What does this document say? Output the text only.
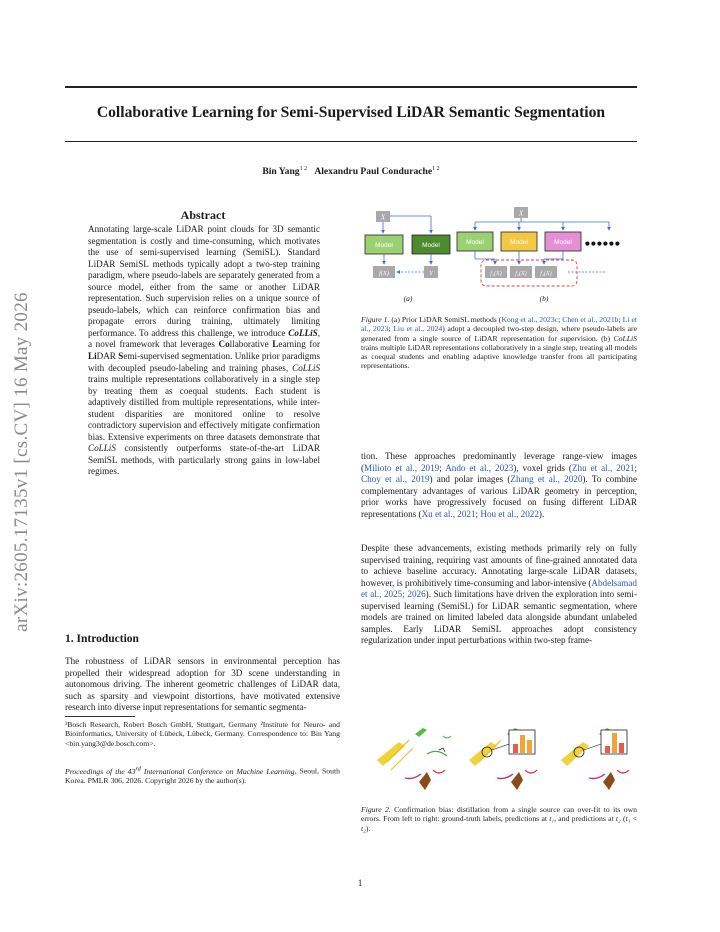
arXiv:2605.17135v1 [cs.CV] 16 May 2026
Collaborative Learning for Semi-Supervised LiDAR Semantic Segmentation
Bin Yang$^{1 2}$ Alexandru Paul Condurache$^{1 2}$
Abstract
Annotating large-scale LiDAR point clouds for 3D semantic segmentation is costly and time-consuming, which motivates the use of semi-supervised learning (SemiSL). Standard LiDAR SemiSL methods typically adopt a two-step training paradigm, where pseudo-labels are separately generated from a source model, either from the same or another LiDAR representation. Such supervision relies on a unique source of pseudo-labels, which can reinforce confirmation bias and propagate errors during training, ultimately limiting performance. To address this challenge, we introduce CoLLiS, a novel framework that leverages Collaborative Learning for LiDAR Semi-supervised segmentation. Unlike prior paradigms with decoupled pseudo-labeling and training phases, CoLLiS trains multiple representations collaboratively in a single step by treating them as coequal students. Each student is adaptively distilled from multiple representations, while inter-student disparities are monitored online to resolve contradictory supervision and effectively mitigate confirmation bias. Extensive experiments on three datasets demonstrate that CoLLiS consistently outperforms state-of-the-art LiDAR SemiSL methods, with particularly strong gains in low-label regimes.
1. Introduction
The robustness of LiDAR sensors in environmental perception has propelled their widespread adoption for 3D scene understanding in autonomous driving. The inherent geometric challenges of LiDAR data, such as sparsity and viewpoint distortions, have motivated extensive research into diverse input representations for semantic segmenta-
¹Bosch Research, Robert Bosch GmbH, Stuttgart, Germany ²Institute for Neuro- and Bioinformatics, University of Lübeck, Lübeck, Germany. Correspondence to: Bin Yang <bin.yang3@de.bosch.com>.
Proceedings of the 43rd International Conference on Machine Learning, Seoul, South Korea. PMLR 306, 2026. Copyright 2026 by the author(s).
X
Model	Model
f(X)	Y
(a)
X
Model	Model	Model ●●●●●●
f₁(X) f₂(X) f₃(X)
(b)
Figure 1. (a) Prior LiDAR SemiSL methods (Kong et al., 2023c; Chen et al., 2021b; Li et al., 2023; Liu et al., 2024) adopt a decoupled two-step design, where pseudo-labels are generated from a single source of LiDAR representation for supervision. (b) CoLLiS trains multiple LiDAR representations collaboratively in a single step, treating all models as coequal students and enabling adaptive knowledge transfer from all participating representations.
tion. These approaches predominantly leverage range-view images (Milioto et al., 2019; Ando et al., 2023), voxel grids (Zhu et al., 2021; Choy et al., 2019) and polar images (Zhang et al., 2020). To combine complementary advantages of various LiDAR geometry in perception, prior works have progressively focused on fusing different LiDAR representations (Xu et al., 2021; Hou et al., 2022).
Despite these advancements, existing methods primarily rely on fully supervised training, requiring vast amounts of fine-grained annotated data to achieve baseline accuracy. Annotating large-scale LiDAR datasets, however, is prohibitively time-consuming and labor-intensive (Abdelsamad et al., 2025; 2026). Such limitations have driven the exploration into semi-supervised learning (SemiSL) for LiDAR semantic segmentation, where models are trained on limited labeled data alongside abundant unlabeled samples. Early LiDAR SemiSL approaches adopt consistency regularization under input perturbations within two-step frame-
Figure 2. Confirmation bias: distillation from a single source can over-fit to its own errors. From left to right: ground-truth labels, predictions at t₁, and predictions at t₂ (t₁ < t₂).
1
